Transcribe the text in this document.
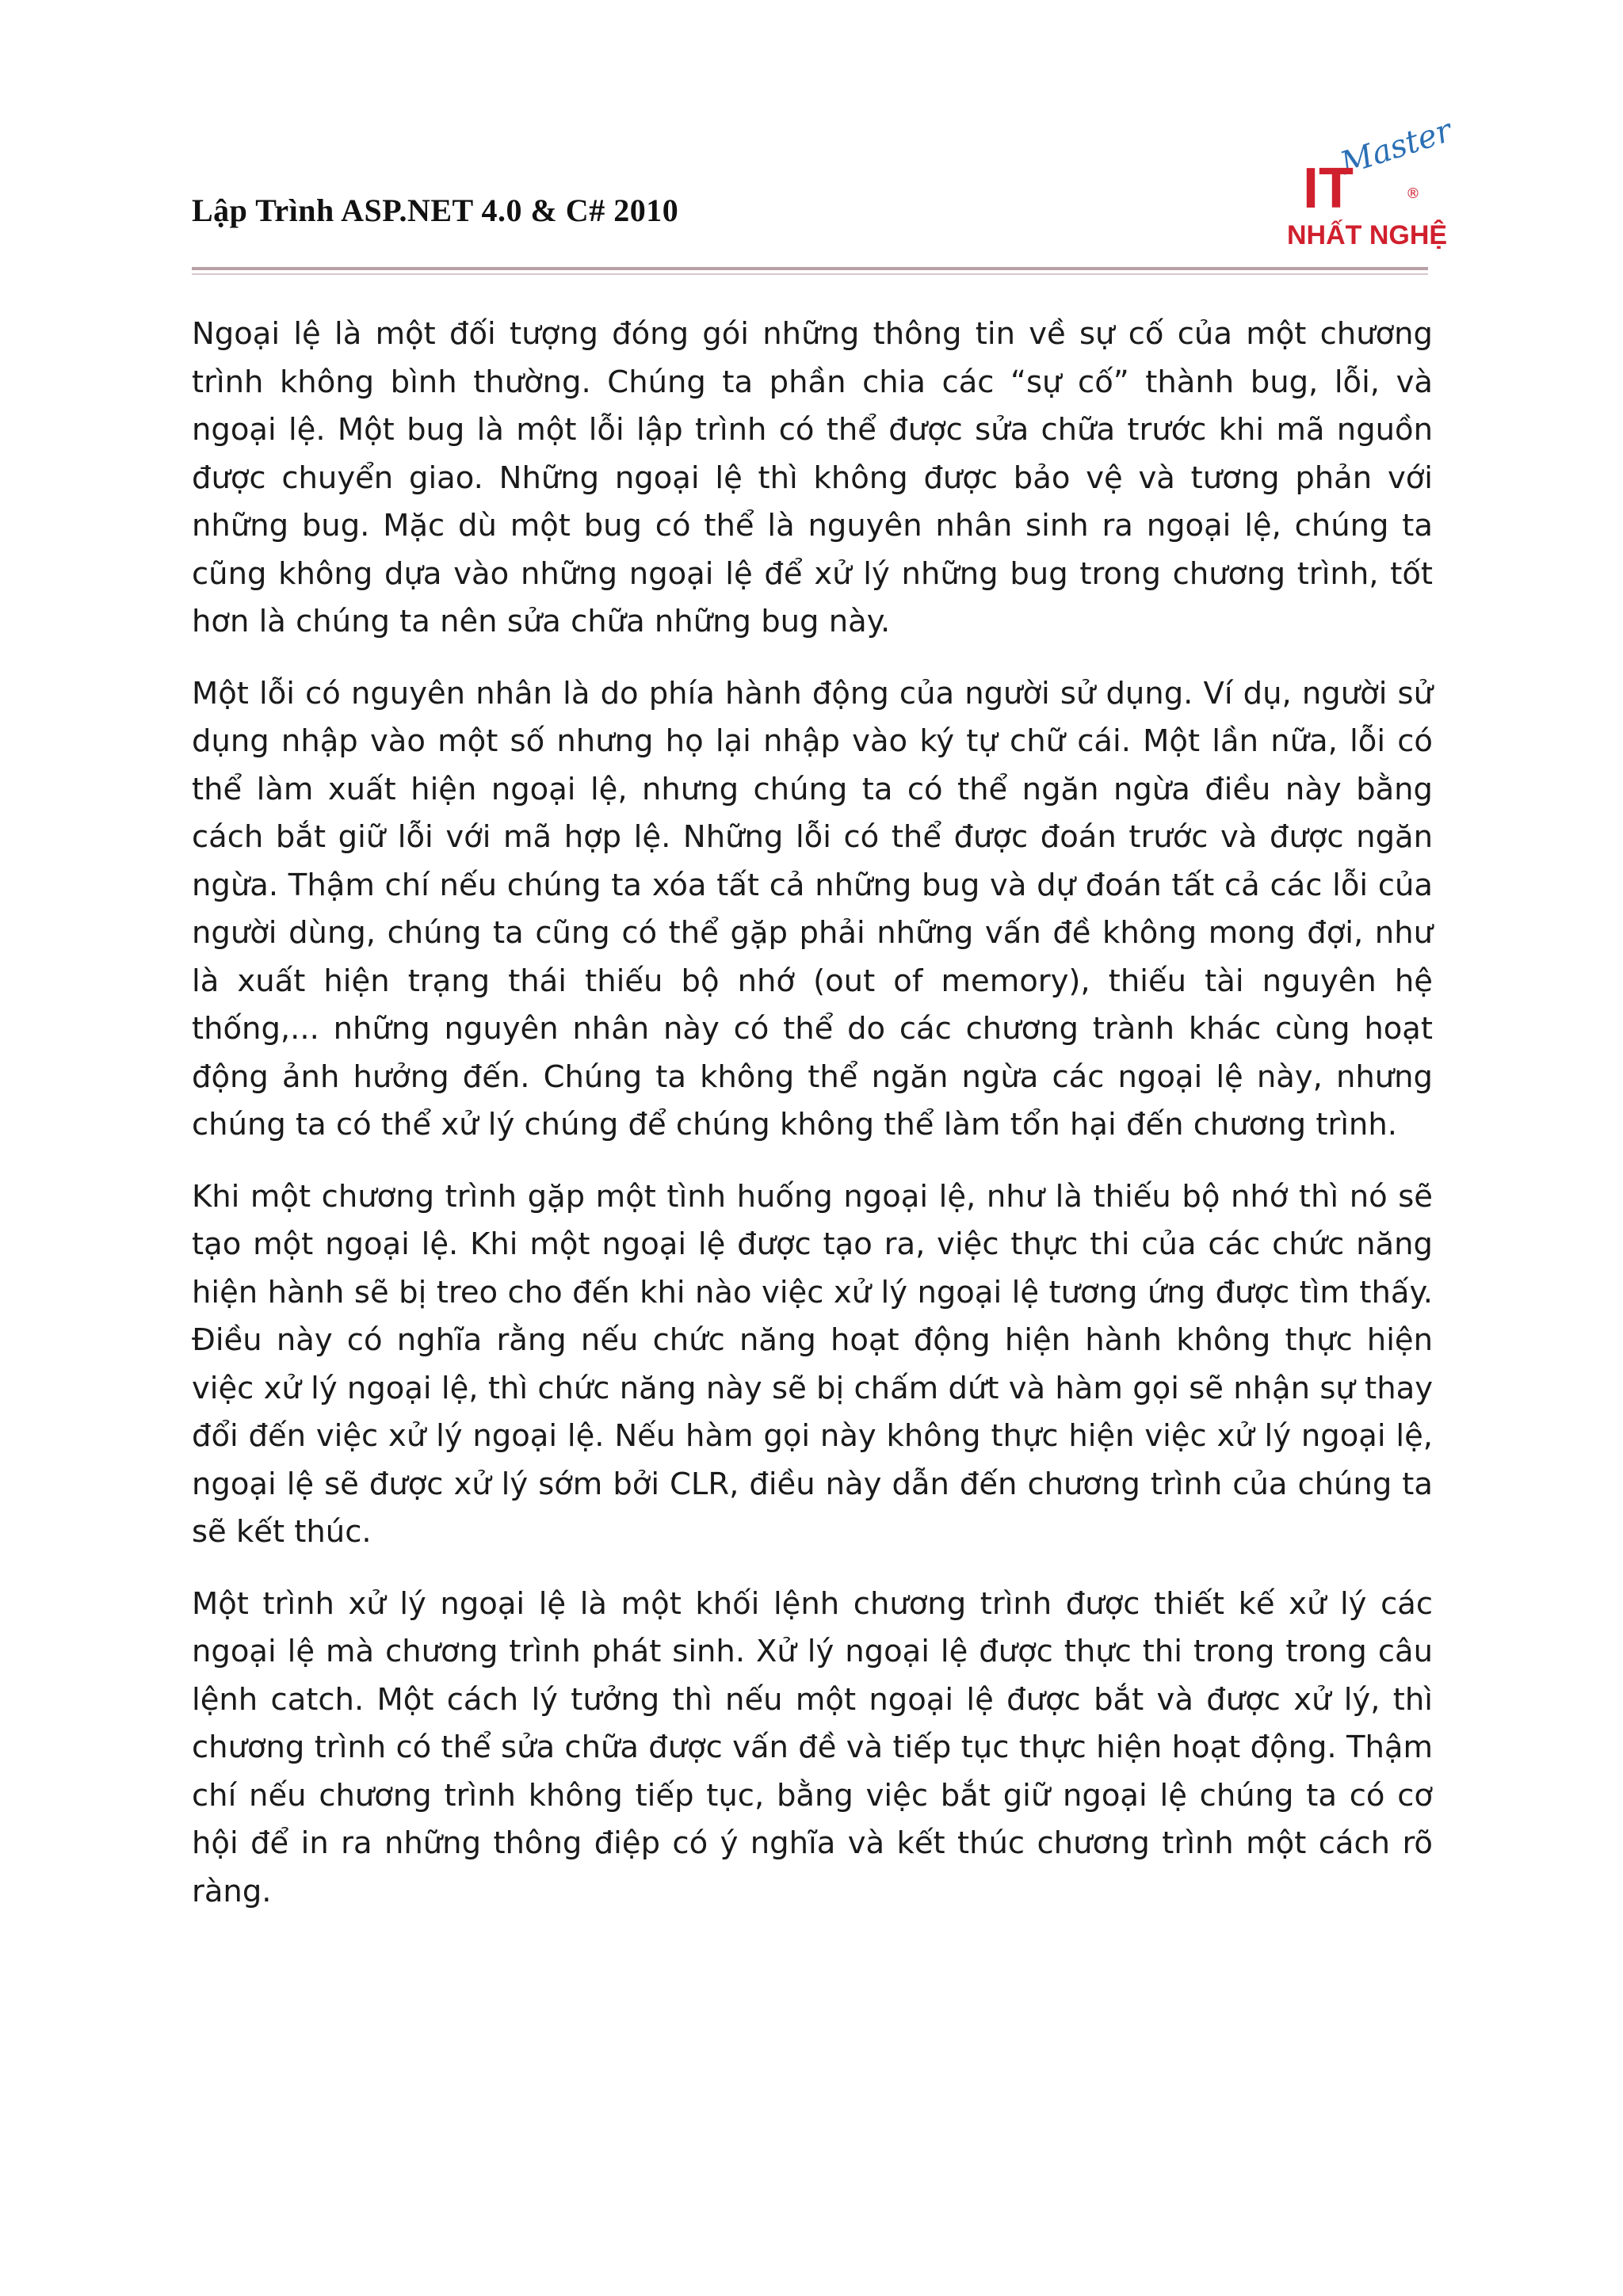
Lập Trình ASP.NET 4.0 & C# 2010
Master
IT	®
NHẤT NGHỆ

Ngoại lệ là một đối tượng đóng gói những thông tin về sự cố của một chương trình không bình thường. Chúng ta phần chia các “sự cố” thành bug, lỗi, và ngoại lệ. Một bug là một lỗi lập trình có thể được sửa chữa trước khi mã nguồn được chuyển giao. Những ngoại lệ thì không được bảo vệ và tương phản với những bug. Mặc dù một bug có thể là nguyên nhân sinh ra ngoại lệ, chúng ta cũng không dựa vào những ngoại lệ để xử lý những bug trong chương trình, tốt hơn là chúng ta nên sửa chữa những bug này.

Một lỗi có nguyên nhân là do phía hành động của người sử dụng. Ví dụ, người sử dụng nhập vào một số nhưng họ lại nhập vào ký tự chữ cái. Một lần nữa, lỗi có thể làm xuất hiện ngoại lệ, nhưng chúng ta có thể ngăn ngừa điều này bằng cách bắt giữ lỗi với mã hợp lệ. Những lỗi có thể được đoán trước và được ngăn ngừa. Thậm chí nếu chúng ta xóa tất cả những bug và dự đoán tất cả các lỗi của người dùng, chúng ta cũng có thể gặp phải những vấn đề không mong đợi, như là xuất hiện trạng thái thiếu bộ nhớ (out of memory), thiếu tài nguyên hệ thống,... những nguyên nhân này có thể do các chương trành khác cùng hoạt động ảnh hưởng đến. Chúng ta không thể ngăn ngừa các ngoại lệ này, nhưng chúng ta có thể xử lý chúng để chúng không thể làm tổn hại đến chương trình.

Khi một chương trình gặp một tình huống ngoại lệ, như là thiếu bộ nhớ thì nó sẽ tạo một ngoại lệ. Khi một ngoại lệ được tạo ra, việc thực thi của các chức năng hiện hành sẽ bị treo cho đến khi nào việc xử lý ngoại lệ tương ứng được tìm thấy. Điều này có nghĩa rằng nếu chức năng hoạt động hiện hành không thực hiện việc xử lý ngoại lệ, thì chức năng này sẽ bị chấm dứt và hàm gọi sẽ nhận sự thay đổi đến việc xử lý ngoại lệ. Nếu hàm gọi này không thực hiện việc xử lý ngoại lệ, ngoại lệ sẽ được xử lý sớm bởi CLR, điều này dẫn đến chương trình của chúng ta sẽ kết thúc.

Một trình xử lý ngoại lệ là một khối lệnh chương trình được thiết kế xử lý các ngoại lệ mà chương trình phát sinh. Xử lý ngoại lệ được thực thi trong trong câu lệnh catch. Một cách lý tưởng thì nếu một ngoại lệ được bắt và được xử lý, thì chương trình có thể sửa chữa được vấn đề và tiếp tục thực hiện hoạt động. Thậm chí nếu chương trình không tiếp tục, bằng việc bắt giữ ngoại lệ chúng ta có cơ hội để in ra những thông điệp có ý nghĩa và kết thúc chương trình một cách rõ ràng.
